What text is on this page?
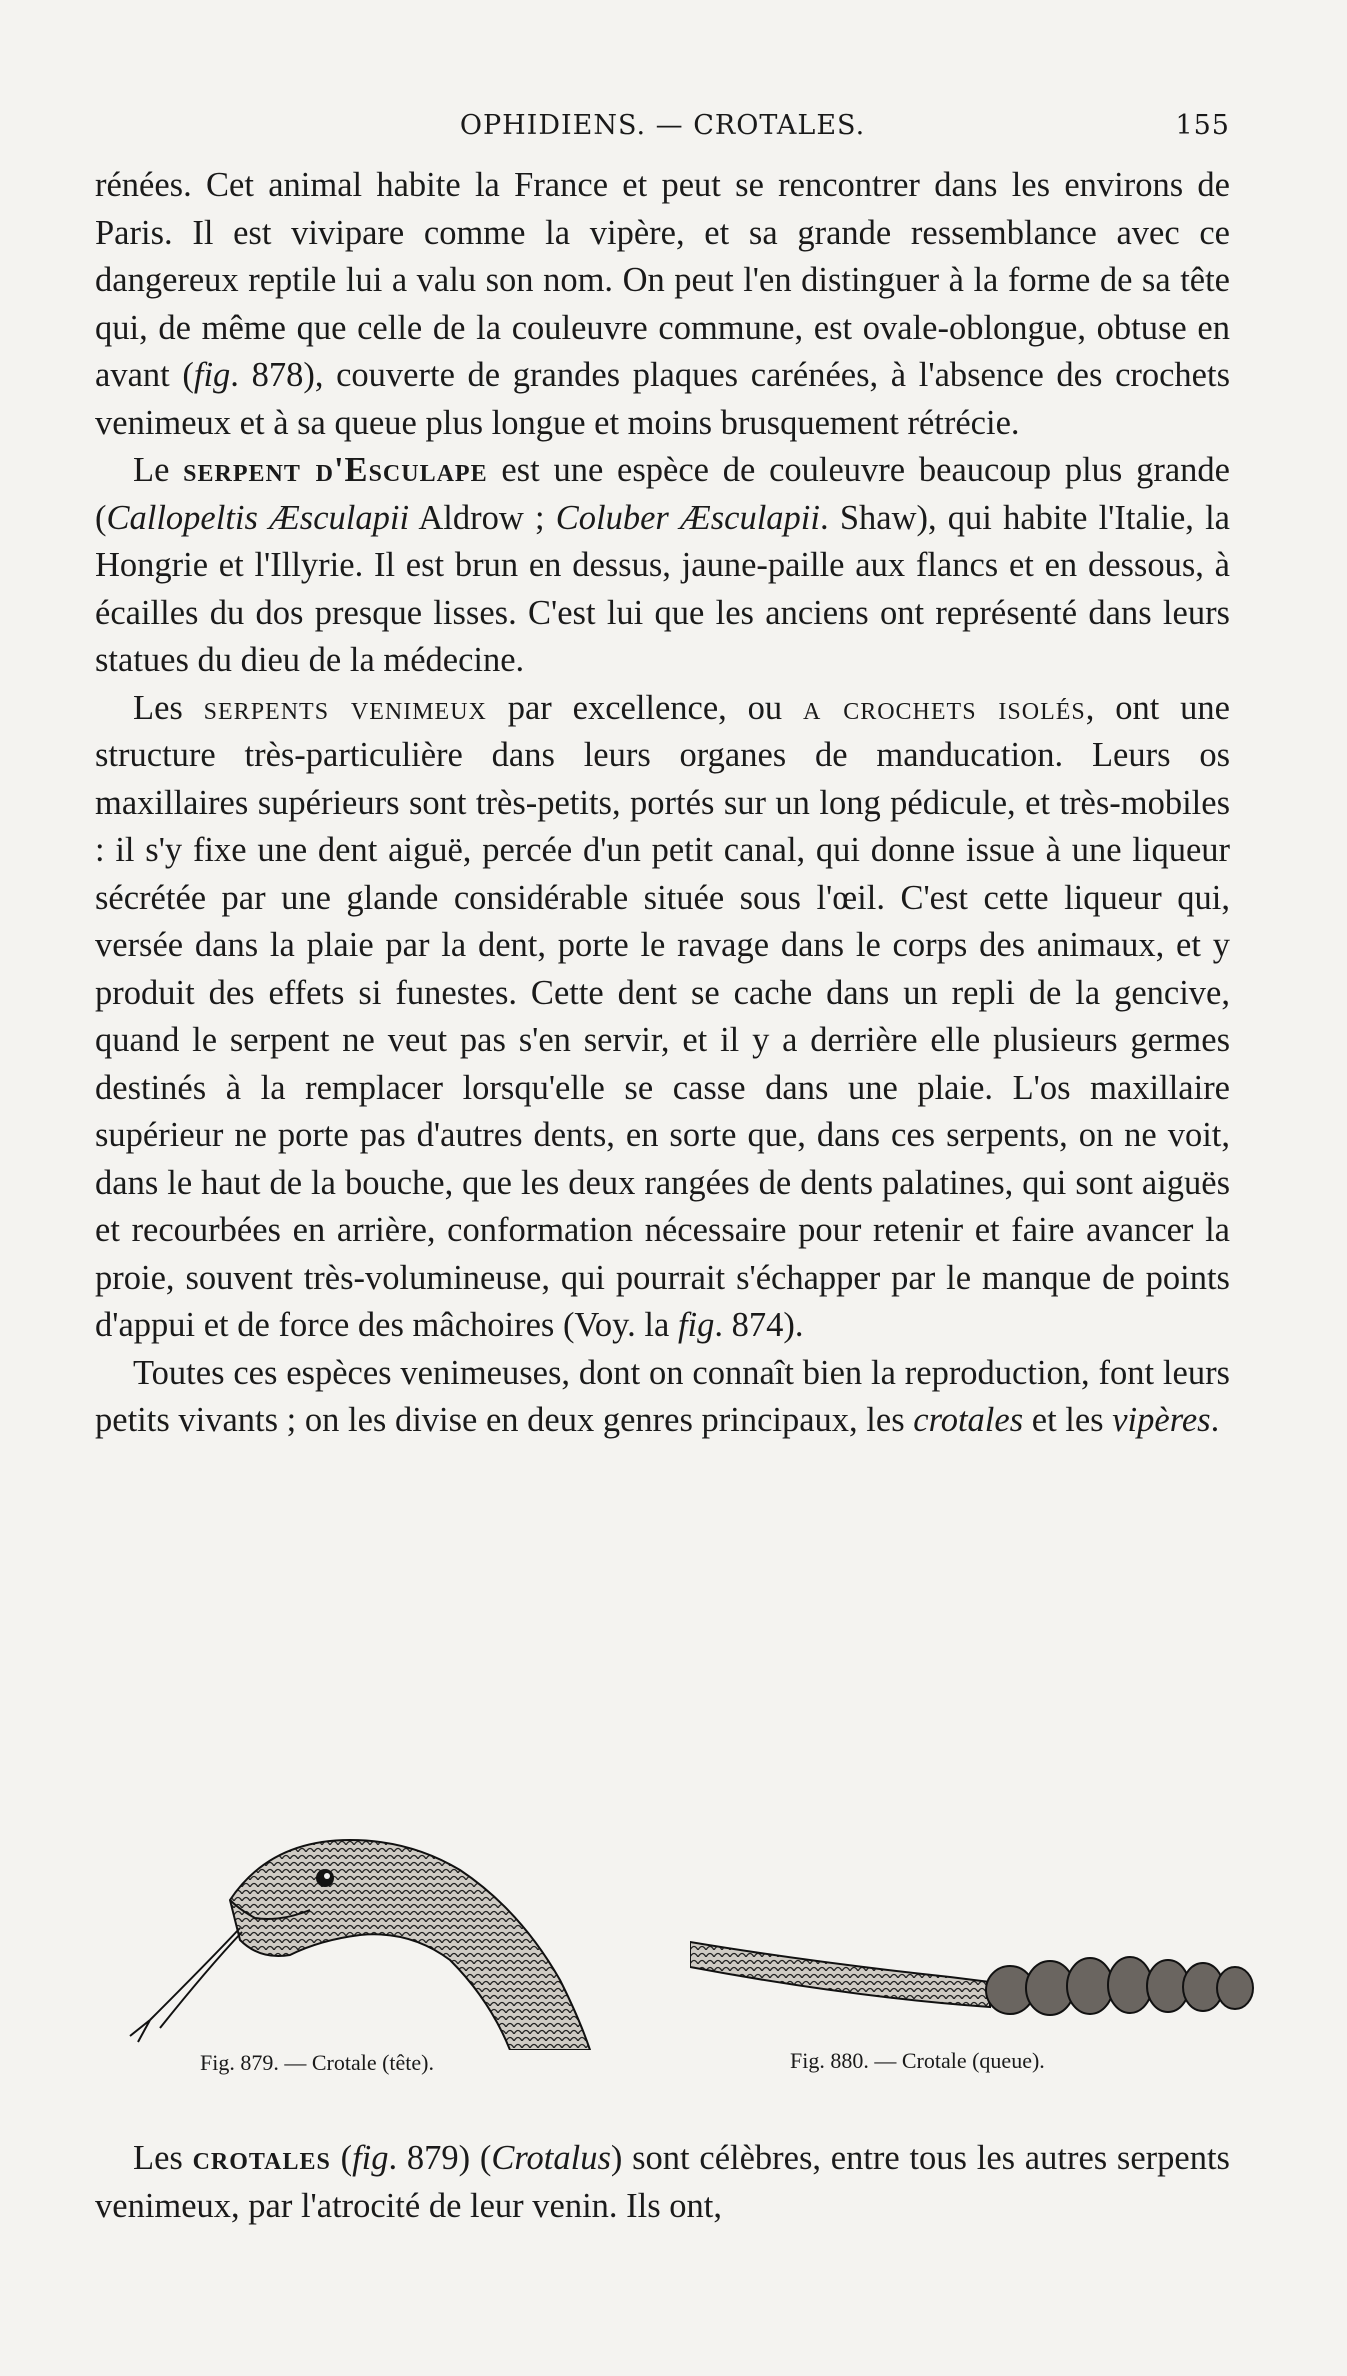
OPHIDIENS. — CROTALES.	155

rénées. Cet animal habite la France et peut se rencontrer dans les environs de Paris. Il est vivipare comme la vipère, et sa grande ressemblance avec ce dangereux reptile lui a valu son nom. On peut l'en distinguer à la forme de sa tête qui, de même que celle de la couleuvre commune, est ovale-oblongue, obtuse en avant (fig. 878), couverte de grandes plaques carénées, à l'absence des crochets venimeux et à sa queue plus longue et moins brusquement rétrécie.

Le serpent d'Esculape est une espèce de couleuvre beaucoup plus grande (Callopeltis Æsculapii Aldrow ; Coluber Æsculapii. Shaw), qui habite l'Italie, la Hongrie et l'Illyrie. Il est brun en dessus, jaune-paille aux flancs et en dessous, à écailles du dos presque lisses. C'est lui que les anciens ont représenté dans leurs statues du dieu de la médecine.

Les serpents venimeux par excellence, ou a crochets isolés, ont une structure très-particulière dans leurs organes de manducation. Leurs os maxillaires supérieurs sont très-petits, portés sur un long pédicule, et très-mobiles : il s'y fixe une dent aiguë, percée d'un petit canal, qui donne issue à une liqueur sécrétée par une glande considérable située sous l'œil. C'est cette liqueur qui, versée dans la plaie par la dent, porte le ravage dans le corps des animaux, et y produit des effets si funestes. Cette dent se cache dans un repli de la gencive, quand le serpent ne veut pas s'en servir, et il y a derrière elle plusieurs germes destinés à la remplacer lorsqu'elle se casse dans une plaie. L'os maxillaire supérieur ne porte pas d'autres dents, en sorte que, dans ces serpents, on ne voit, dans le haut de la bouche, que les deux rangées de dents palatines, qui sont aiguës et recourbées en arrière, conformation nécessaire pour retenir et faire avancer la proie, souvent très-volumineuse, qui pourrait s'échapper par le manque de points d'appui et de force des mâchoires (Voy. la fig. 874).

Toutes ces espèces venimeuses, dont on connaît bien la reproduction, font leurs petits vivants ; on les divise en deux genres principaux, les crotales et les vipères.

Fig. 879. — Crotale (tête).	Fig. 880. — Crotale (queue).

Les crotales (fig. 879) (Crotalus) sont célèbres, entre tous les autres serpents venimeux, par l'atrocité de leur venin. Ils ont,
